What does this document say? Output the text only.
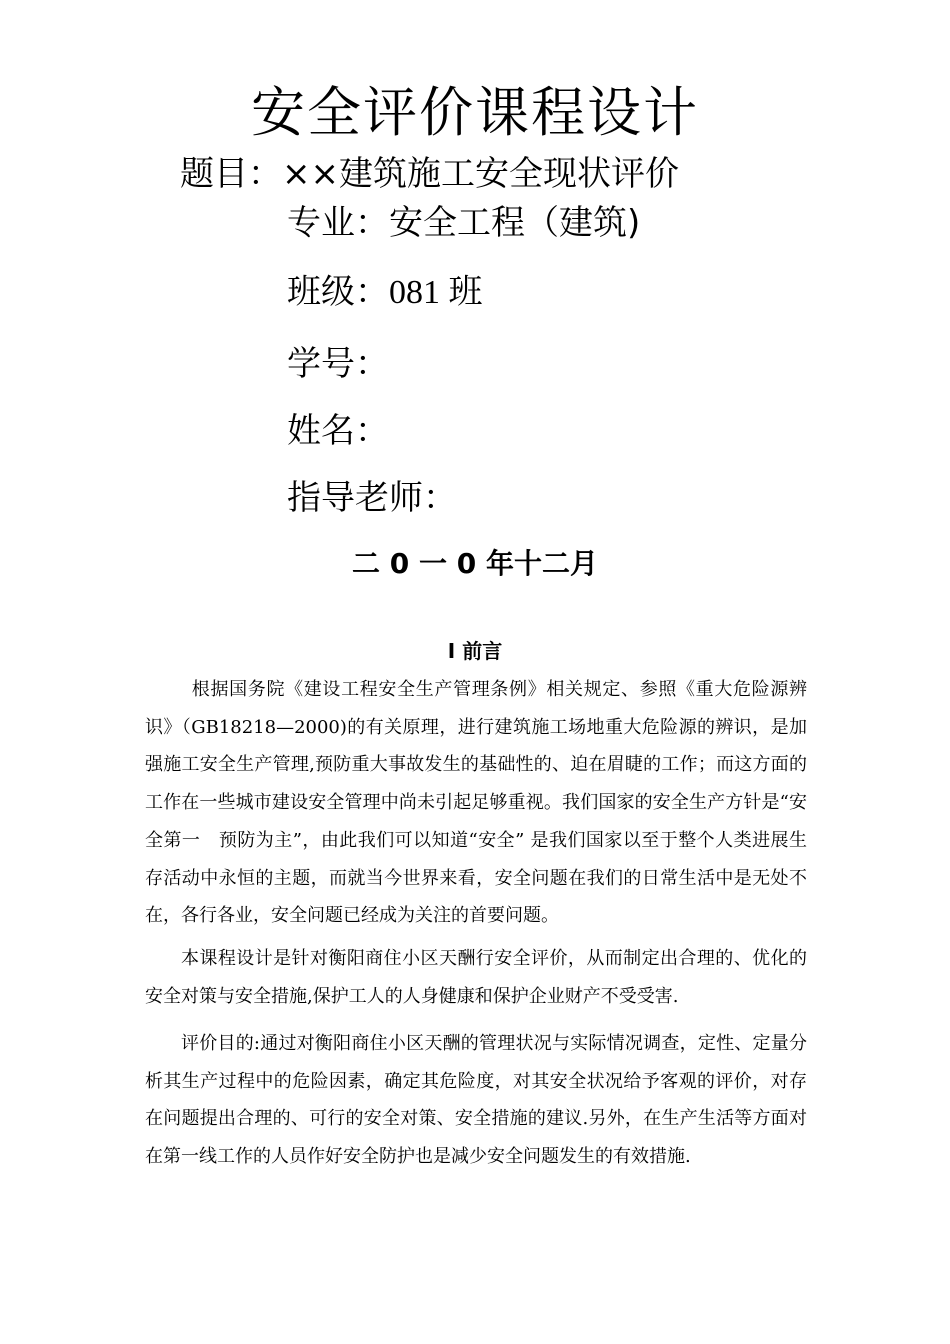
安全评价课程设计
题目：××建筑施工安全现状评价
专业：安全工程（建筑)
班级：081 班
学号：
姓名：
指导老师：
二 0 一 0 年十二月
I 前言

根据国务院《建设工程安全生产管理条例》相关规定、参照《重大危险源辨识》（GB18218—2000)的有关原理，进行建筑施工场地重大危险源的辨识，是加强施工安全生产管理,预防重大事故发生的基础性的、迫在眉睫的工作；而这方面的工作在一些城市建设安全管理中尚未引起足够重视。我们国家的安全生产方针是“安全第一　预防为主”，由此我们可以知道“安全” 是我们国家以至于整个人类进展生存活动中永恒的主题，而就当今世界来看，安全问题在我们的日常生活中是无处不在，各行各业，安全问题已经成为关注的首要问题。

本课程设计是针对衡阳商住小区天酬行安全评价，从而制定出合理的、优化的安全对策与安全措施,保护工人的人身健康和保护企业财产不受受害.

评价目的:通过对衡阳商住小区天酬的管理状况与实际情况调查，定性、定量分析其生产过程中的危险因素，确定其危险度，对其安全状况给予客观的评价，对存在问题提出合理的、可行的安全对策、安全措施的建议.另外，在生产生活等方面对在第一线工作的人员作好安全防护也是减少安全问题发生的有效措施.
